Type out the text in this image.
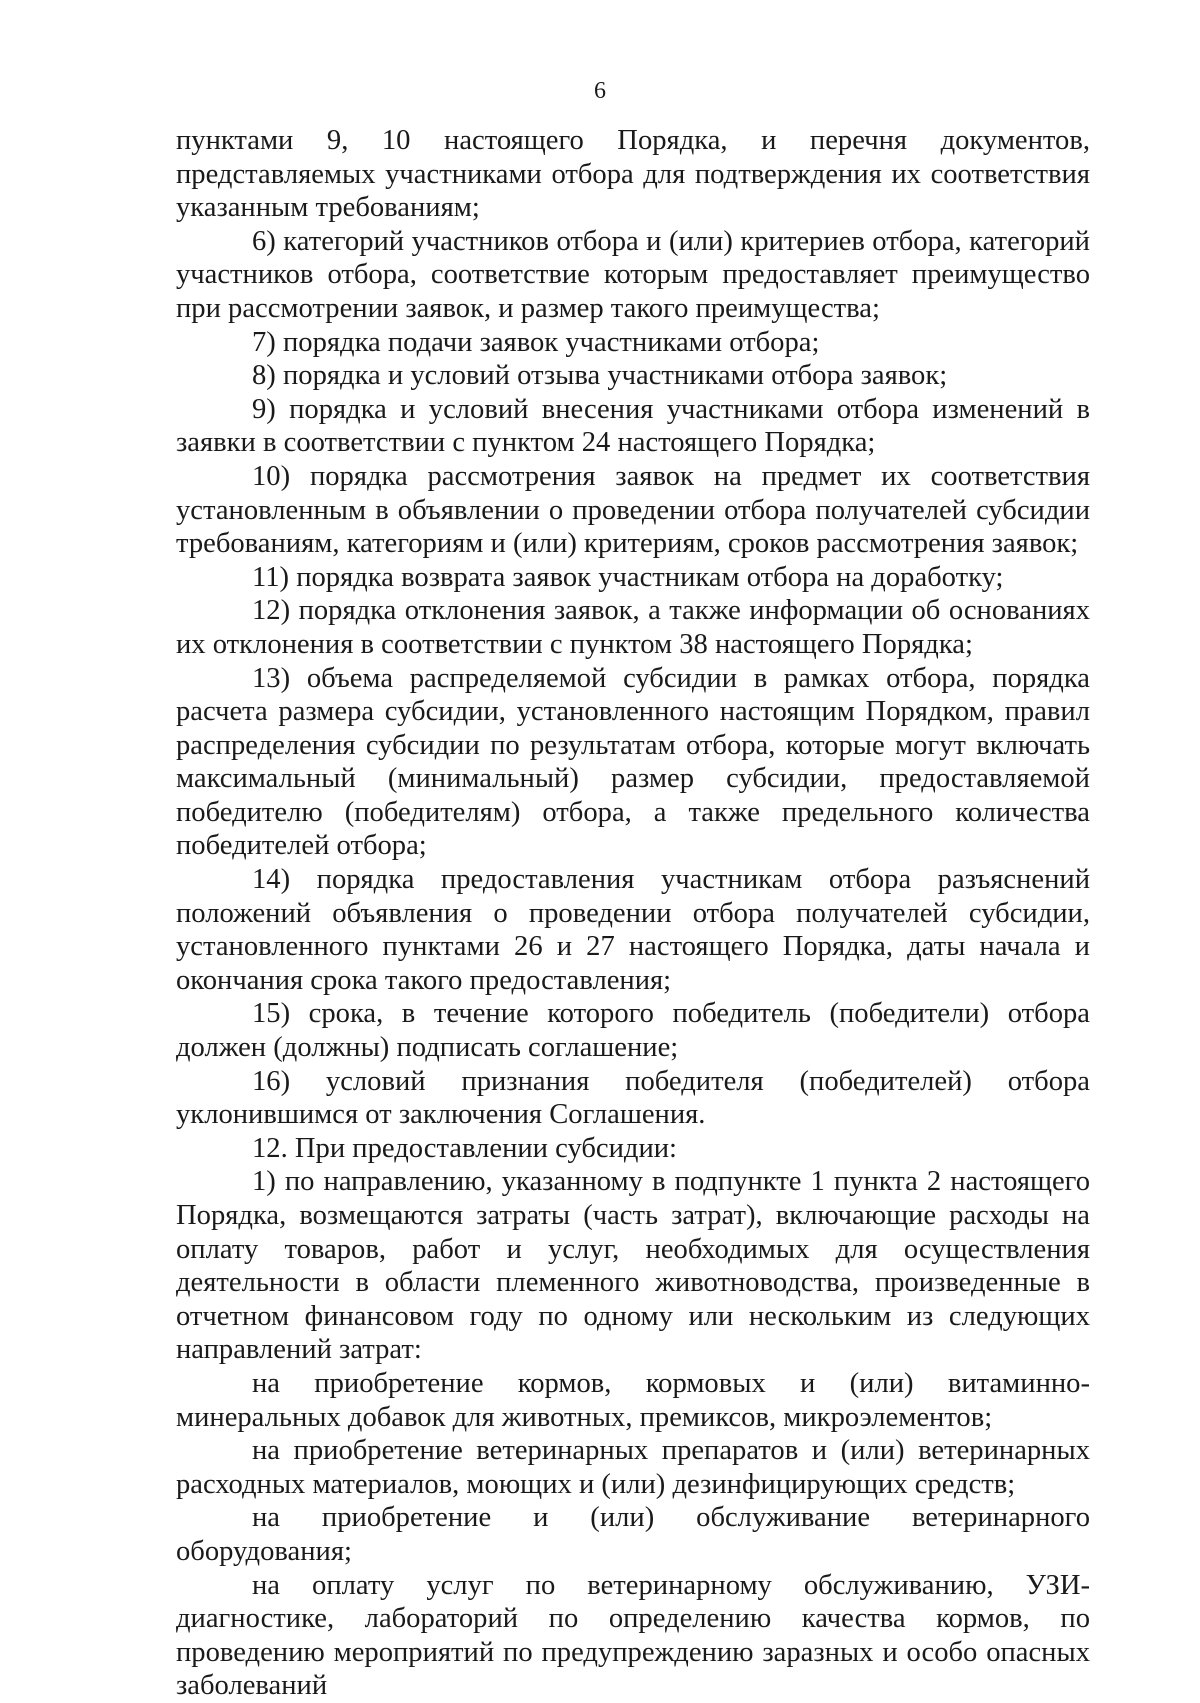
6

пунктами 9, 10 настоящего Порядка, и перечня документов, представляемых участниками отбора для подтверждения их соответствия указанным требованиям;

6) категорий участников отбора и (или) критериев отбора, категорий участников отбора, соответствие которым предоставляет преимущество при рассмотрении заявок, и размер такого преимущества;

7) порядка подачи заявок участниками отбора;

8) порядка и условий отзыва участниками отбора заявок;

9) порядка и условий внесения участниками отбора изменений в заявки в соответствии с пунктом 24 настоящего Порядка;

10) порядка рассмотрения заявок на предмет их соответствия установленным в объявлении о проведении отбора получателей субсидии требованиям, категориям и (или) критериям, сроков рассмотрения заявок;

11) порядка возврата заявок участникам отбора на доработку;

12) порядка отклонения заявок, а также информации об основаниях их отклонения в соответствии с пунктом 38 настоящего Порядка;

13) объема распределяемой субсидии в рамках отбора, порядка расчета размера субсидии, установленного настоящим Порядком, правил распределения субсидии по результатам отбора, которые могут включать максимальный (минимальный) размер субсидии, предоставляемой победителю (победителям) отбора, а также предельного количества победителей отбора;

14) порядка предоставления участникам отбора разъяснений положений объявления о проведении отбора получателей субсидии, установленного пунктами 26 и 27 настоящего Порядка, даты начала и окончания срока такого предоставления;

15) срока, в течение которого победитель (победители) отбора должен (должны) подписать соглашение;

16) условий признания победителя (победителей) отбора уклонившимся от заключения Соглашения.

12. При предоставлении субсидии:

1) по направлению, указанному в подпункте 1 пункта 2 настоящего Порядка, возмещаются затраты (часть затрат), включающие расходы на оплату товаров, работ и услуг, необходимых для осуществления деятельности в области племенного животноводства, произведенные в отчетном финансовом году по одному или нескольким из следующих направлений затрат:

на приобретение кормов, кормовых и (или) витаминно-минеральных добавок для животных, премиксов, микроэлементов;

на приобретение ветеринарных препаратов и (или) ветеринарных расходных материалов, моющих и (или) дезинфицирующих средств;

на приобретение и (или) обслуживание ветеринарного оборудования;

на оплату услуг по ветеринарному обслуживанию, УЗИ-диагностике, лабораторий по определению качества кормов, по проведению мероприятий по предупреждению заразных и особо опасных заболеваний
